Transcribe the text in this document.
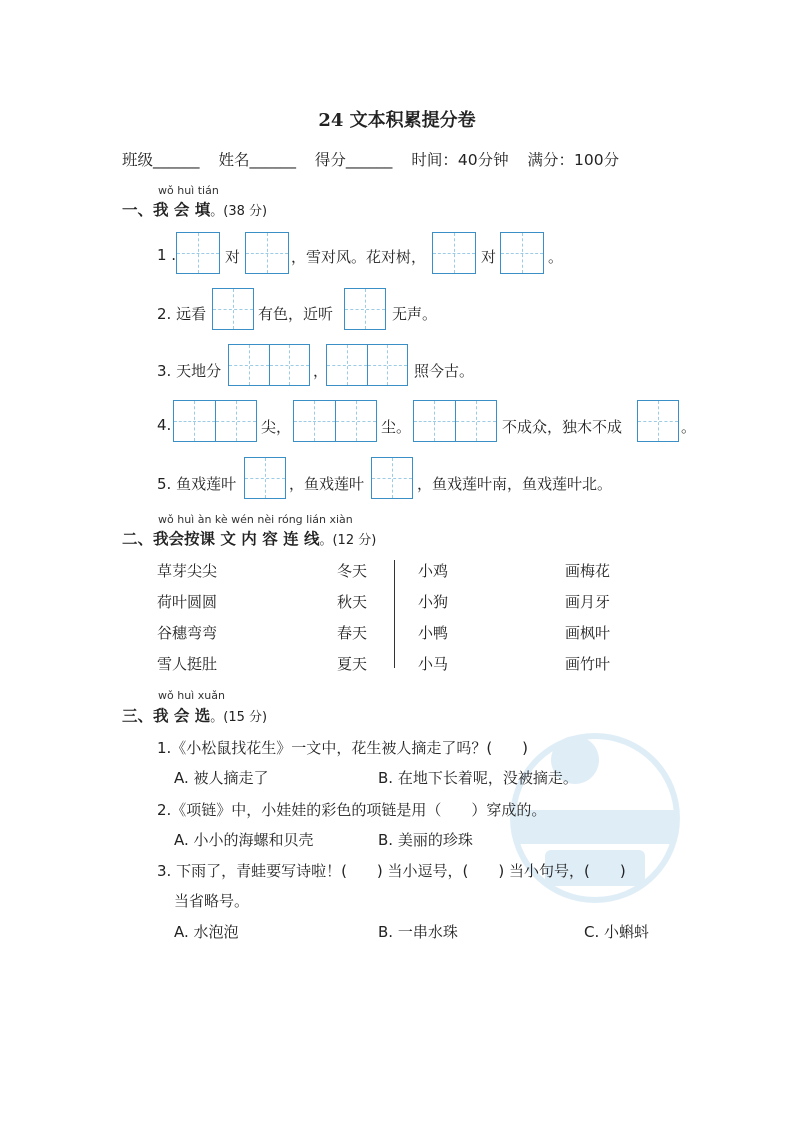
24 文本积累提分卷
班级______ 姓名______ 得分______ 时间：40分钟 满分：100分
wǒ huì tián
一、我 会 填。(38 分)
1 .	对	，雪对风。花对树，	对	。
2. 远看	有色，近听	无声。
3. 天地分	，	照今古。
4.	尖，	尘。	不成众，独木不成	。
5. 鱼戏莲叶	，鱼戏莲叶	，鱼戏莲叶南，鱼戏莲叶北。
wǒ huì àn kè wén nèi róng lián xiàn
二、我会按课 文 内 容 连 线。(12 分)
草芽尖尖	冬天	小鸡	画梅花
荷叶圆圆	秋天	小狗	画月牙
谷穗弯弯	春天	小鸭	画枫叶
雪人挺肚	夏天	小马	画竹叶
wǒ huì xuǎn
三、我 会 选。(15 分)
1.《小松鼠找花生》一文中，花生被人摘走了吗？(　　)
A. 被人摘走了	B. 在地下长着呢，没被摘走。
2.《项链》中，小娃娃的彩色的项链是用（　　）穿成的。
A. 小小的海螺和贝壳	B. 美丽的珍珠
3. 下雨了，青蛙要写诗啦！(　　) 当小逗号，(　　) 当小句号，(　　)
当省略号。
A. 水泡泡	B. 一串水珠	C. 小蝌蚪
